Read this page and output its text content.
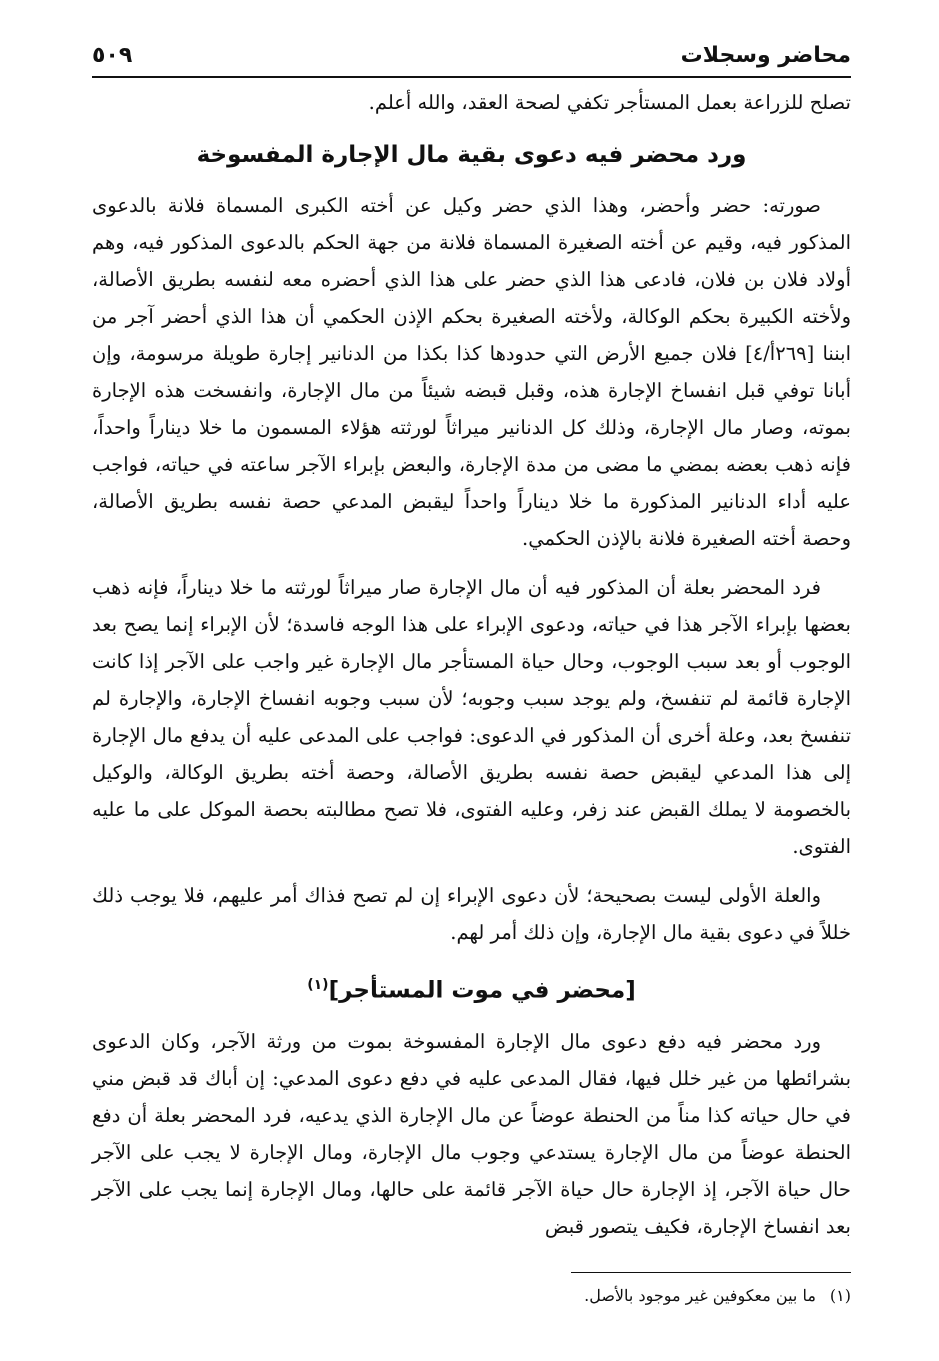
محاضر وسجلات
٥٠٩

تصلح للزراعة بعمل المستأجر تكفي لصحة العقد، والله أعلم.

ورد محضر فيه دعوى بقية مال الإجارة المفسوخة

صورته: حضر وأحضر، وهذا الذي حضر وكيل عن أخته الكبرى المسماة فلانة بالدعوى المذكور فيه، وقيم عن أخته الصغيرة المسماة فلانة من جهة الحكم بالدعوى المذكور فيه، وهم أولاد فلان بن فلان، فادعى هذا الذي حضر على هذا الذي أحضره معه لنفسه بطريق الأصالة، ولأخته الكبيرة بحكم الوكالة، ولأخته الصغيرة بحكم الإذن الحكمي أن هذا الذي أحضر آجر من ابننا [٢٦٩أ/٤] فلان جميع الأرض التي حدودها كذا بكذا من الدنانير إجارة طويلة مرسومة، وإن أبانا توفي قبل انفساخ الإجارة هذه، وقبل قبضه شيئاً من مال الإجارة، وانفسخت هذه الإجارة بموته، وصار مال الإجارة، وذلك كل الدنانير ميراثاً لورثته هؤلاء المسمون ما خلا ديناراً واحداً، فإنه ذهب بعضه بمضي ما مضى من مدة الإجارة، والبعض بإبراء الآجر ساعته في حياته، فواجب عليه أداء الدنانير المذكورة ما خلا ديناراً واحداً ليقبض المدعي حصة نفسه بطريق الأصالة، وحصة أخته الصغيرة فلانة بالإذن الحكمي.

فرد المحضر بعلة أن المذكور فيه أن مال الإجارة صار ميراثاً لورثته ما خلا ديناراً، فإنه ذهب بعضها بإبراء الآجر هذا في حياته، ودعوى الإبراء على هذا الوجه فاسدة؛ لأن الإبراء إنما يصح بعد الوجوب أو بعد سبب الوجوب، وحال حياة المستأجر مال الإجارة غير واجب على الآجر إذا كانت الإجارة قائمة لم تنفسخ، ولم يوجد سبب وجوبه؛ لأن سبب وجوبه انفساخ الإجارة، والإجارة لم تنفسخ بعد، وعلة أخرى أن المذكور في الدعوى: فواجب على المدعى عليه أن يدفع مال الإجارة إلى هذا المدعي ليقبض حصة نفسه بطريق الأصالة، وحصة أخته بطريق الوكالة، والوكيل بالخصومة لا يملك القبض عند زفر، وعليه الفتوى، فلا تصح مطالبته بحصة الموكل على ما عليه الفتوى.

والعلة الأولى ليست بصحيحة؛ لأن دعوى الإبراء إن لم تصح فذاك أمر عليهم، فلا يوجب ذلك خللاً في دعوى بقية مال الإجارة، وإن ذلك أمر لهم.

[محضر في موت المستأجر]$^{(١)}$

ورد محضر فيه دفع دعوى مال الإجارة المفسوخة بموت من ورثة الآجر، وكان الدعوى بشرائطها من غير خلل فيها، فقال المدعى عليه في دفع دعوى المدعي: إن أباك قد قبض مني في حال حياته كذا مناً من الحنطة عوضاً عن مال الإجارة الذي يدعيه، فرد المحضر بعلة أن دفع الحنطة عوضاً من مال الإجارة يستدعي وجوب مال الإجارة، ومال الإجارة لا يجب على الآجر حال حياة الآجر، إذ الإجارة حال حياة الآجر قائمة على حالها، ومال الإجارة إنما يجب على الآجر بعد انفساخ الإجارة، فكيف يتصور قبض

(١)ما بين معكوفين غير موجود بالأصل.
